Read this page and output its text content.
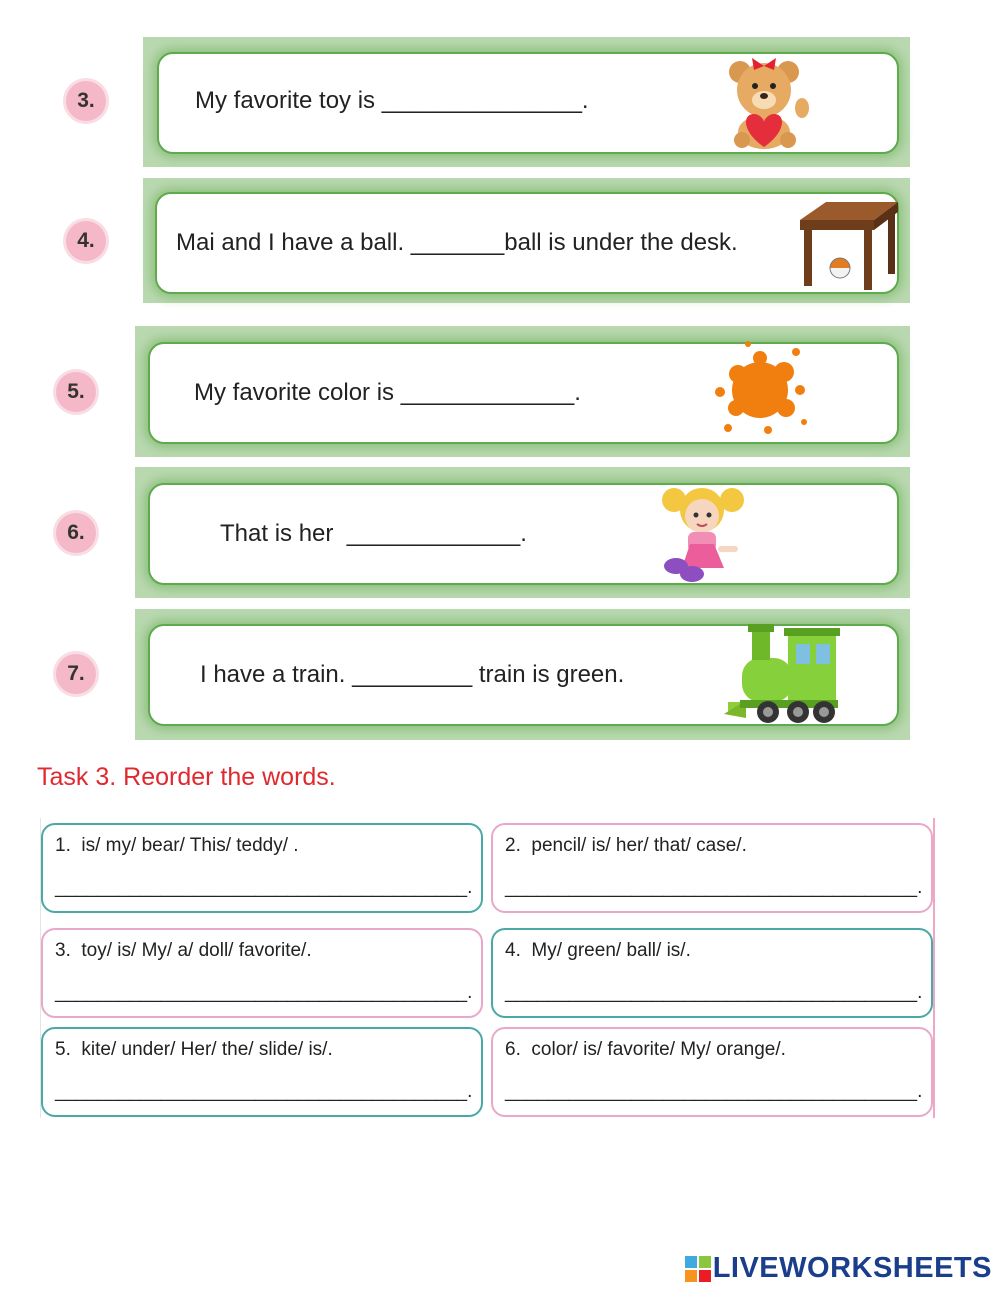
3.	My favorite toy is _______________.
4.	Mai and I have a ball. _______ball is under the desk.
5.	My favorite color is _____________.
6.	That is her  _____________.
7.	I have a train. _________ train is green.
Task 3. Reorder the words.
1.  is/ my/ bear/ This/ teddy/ .
_______________________________________.
2.  pencil/ is/ her/ that/ case/.
_______________________________________.
3.  toy/ is/ My/ a/ doll/ favorite/.
_______________________________________.
4.  My/ green/ ball/ is/.
_______________________________________.
5.  kite/ under/ Her/ the/ slide/ is/.
_______________________________________.
6.  color/ is/ favorite/ My/ orange/.
_______________________________________.
LIVEWORKSHEETS
